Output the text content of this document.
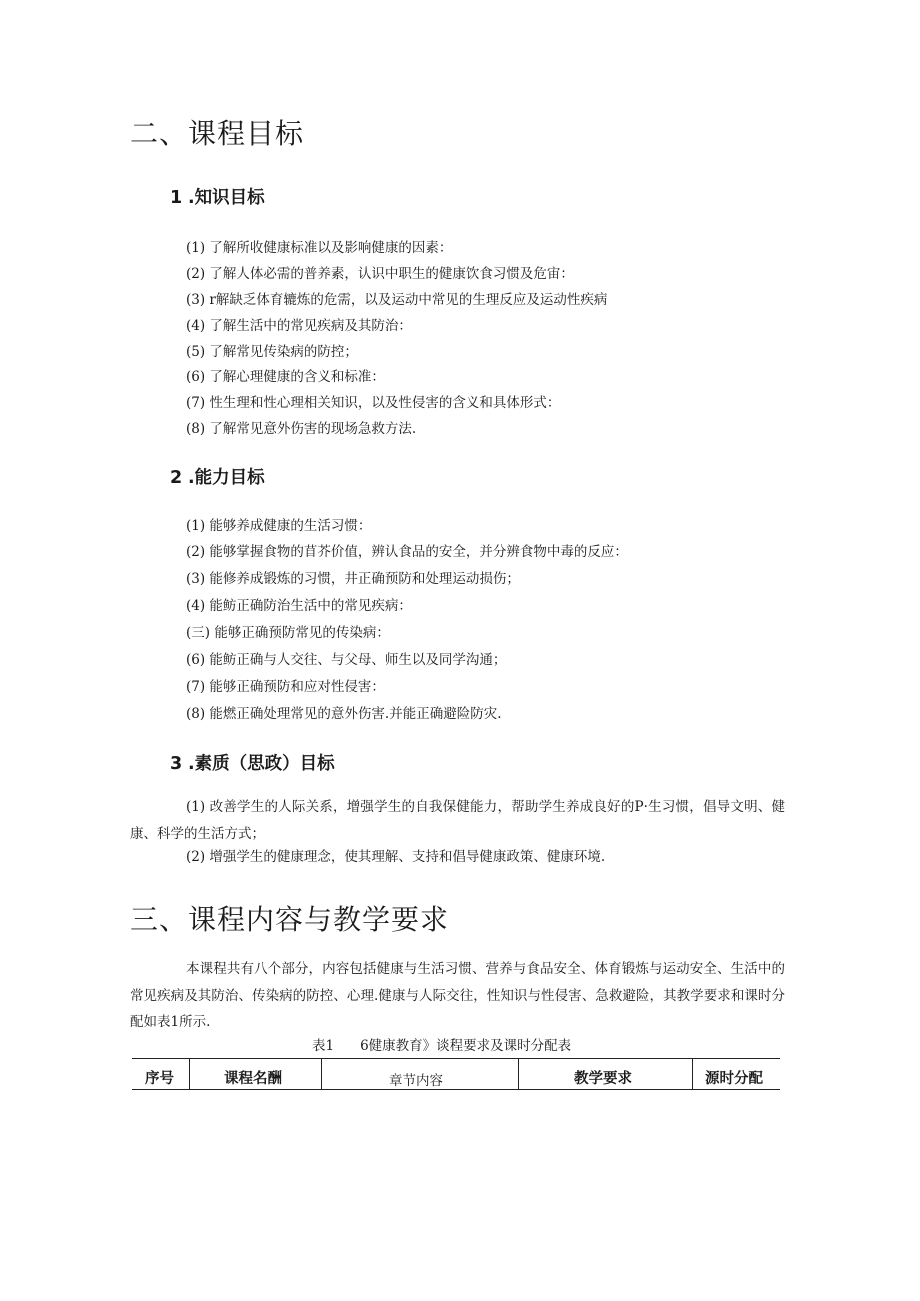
二、课程目标
1 .知识目标
(1) 了解所收健康标准以及影响健康的因素：
(2) 了解人体必需的普养素，认识中职生的健康饮食习惯及危宙：
(3) r解缺乏体育辘炼的危需，以及运动中常见的生理反应及运动性疾病
(4) 了解生活中的常见疾病及其防治：
(5) 了解常见传染病的防控；
(6) 了解心理健康的含义和标准：
(7) 性生理和性心理相关知识，以及性侵害的含义和具体形式：
(8) 了解常见意外伤害的现场急救方法.
2 .能力目标
(1) 能够养成健康的生活习惯：
(2) 能够掌握食物的苜芥价值，辨认食品的安全，并分辨食物中毒的反应：
(3) 能修养成锻炼的习惯，井正确预防和处理运动损伤；
(4) 能鲂正确防治生活中的常见疾病：
(三) 能够正确预防常见的传染病：
(6) 能鲂正确与人交往、与父母、师生以及同学沟通；
(7) 能够正确预防和应对性侵害：
(8) 能燃正确处理常见的意外伤害.并能正确避险防灾.
3 .素质（思政）目标
(1) 改善学生的人际关系，增强学生的自我保健能力，帮助学生养成良好的P·生习惯，倡导文明、健康、科学的生活方式；
(2) 增强学生的健康理念，使其理解、支持和倡导健康政策、健康环境.
三、课程内容与教学要求
本课程共有八个部分，内容包括健康与生活习惯、营养与食品安全、体育锻炼与运动安全、生活中的常见疾病及其防治、传染病的防控、心理.健康与人际交往，性知识与性侵害、急救避险，其教学要求和课时分配如表1所示.
表1 6健康教育》谈程要求及课时分配表
序号	课程名酬	章节内容	教学要求	源时分配
